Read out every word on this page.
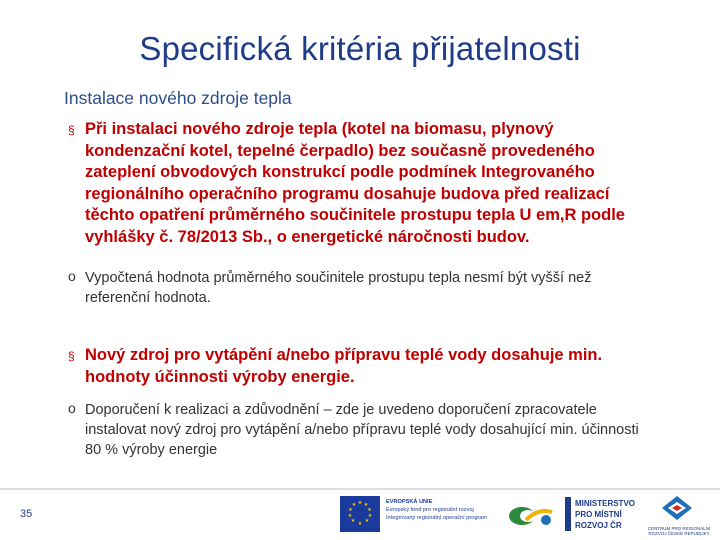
Specifická kritéria přijatelnosti
Instalace nového zdroje tepla
§ Při instalaci nového zdroje tepla (kotel na biomasu, plynový kondenzační kotel, tepelné čerpadlo) bez současně provedeného zateplení obvodových konstrukcí podle podmínek Integrovaného regionálního operačního programu dosahuje budova před realizací těchto opatření průměrného součinitele prostupu tepla U em,R podle vyhlášky č. 78/2013 Sb., o energetické náročnosti budov.
o Vypočtená hodnota průměrného součinitele prostupu tepla nesmí být vyšší než referenční hodnota.
§ Nový zdroj pro vytápění a/nebo přípravu teplé vody dosahuje min. hodnoty účinnosti výroby energie.
o Doporučení k realizaci a zdůvodnění – zde je uvedeno doporučení zpracovatele instalovat nový zdroj pro vytápění a/nebo přípravu teplé vody dosahující min. účinnosti 80 % výroby energie
35
★ ★
★
★
★
★
★
★
★
★	EVROPSKÁ UNIE
Evropský fond pro regionální rozvoj
Integrovaný regionální operační program
MINISTERSTVO
PRO MÍSTNÍ
ROZVOJ ČR	CENTRUM PRO REGIONÁLNÍ ROZVOJ ČESKÉ REPUBLIKY
